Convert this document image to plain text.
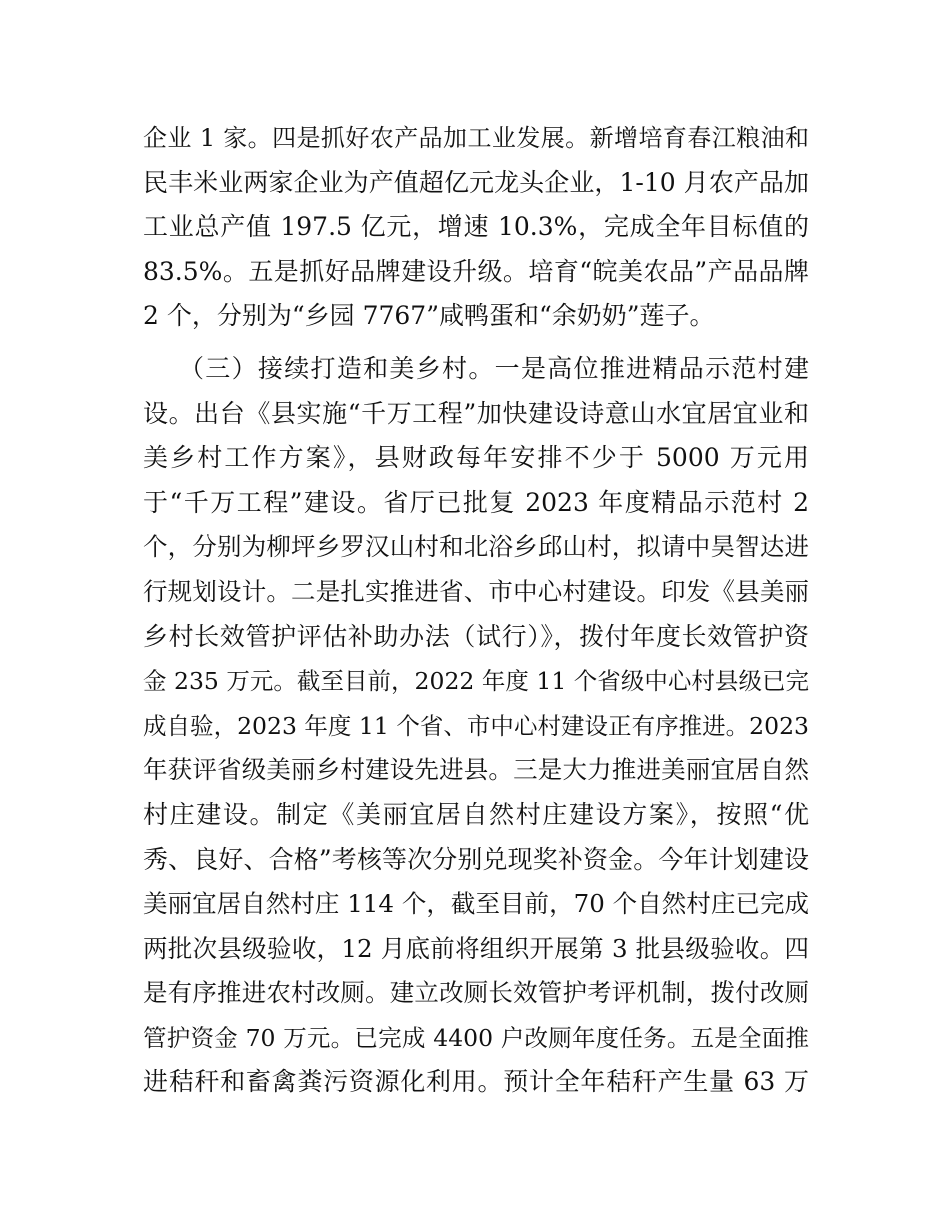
企业 1 家。四是抓好农产品加工业发展。新增培育春江粮油和
民丰米业两家企业为产值超亿元龙头企业，1-10 月农产品加
工业总产值 197.5 亿元，增速 10.3%，完成全年目标值的
83.5%。五是抓好品牌建设升级。培育“皖美农品”产品品牌
2 个，分别为“乡园 7767”咸鸭蛋和“余奶奶”莲子。
（三）接续打造和美乡村。一是高位推进精品示范村建
设。出台《县实施“千万工程”加快建设诗意山水宜居宜业和
美乡村工作方案》，县财政每年安排不少于 5000 万元用
于“千万工程”建设。省厅已批复 2023 年度精品示范村 2
个，分别为柳坪乡罗汉山村和北浴乡邱山村，拟请中昊智达进
行规划设计。二是扎实推进省、市中心村建设。印发《县美丽
乡村长效管护评估补助办法（试行）》，拨付年度长效管护资
金 235 万元。截至目前，2022 年度 11 个省级中心村县级已完
成自验，2023 年度 11 个省、市中心村建设正有序推进。2023
年获评省级美丽乡村建设先进县。三是大力推进美丽宜居自然
村庄建设。制定《美丽宜居自然村庄建设方案》，按照“优
秀、良好、合格”考核等次分别兑现奖补资金。今年计划建设
美丽宜居自然村庄 114 个，截至目前，70 个自然村庄已完成
两批次县级验收，12 月底前将组织开展第 3 批县级验收。四
是有序推进农村改厕。建立改厕长效管护考评机制，拨付改厕
管护资金 70 万元。已完成 4400 户改厕年度任务。五是全面推
进秸秆和畜禽粪污资源化利用。预计全年秸秆产生量 63 万
